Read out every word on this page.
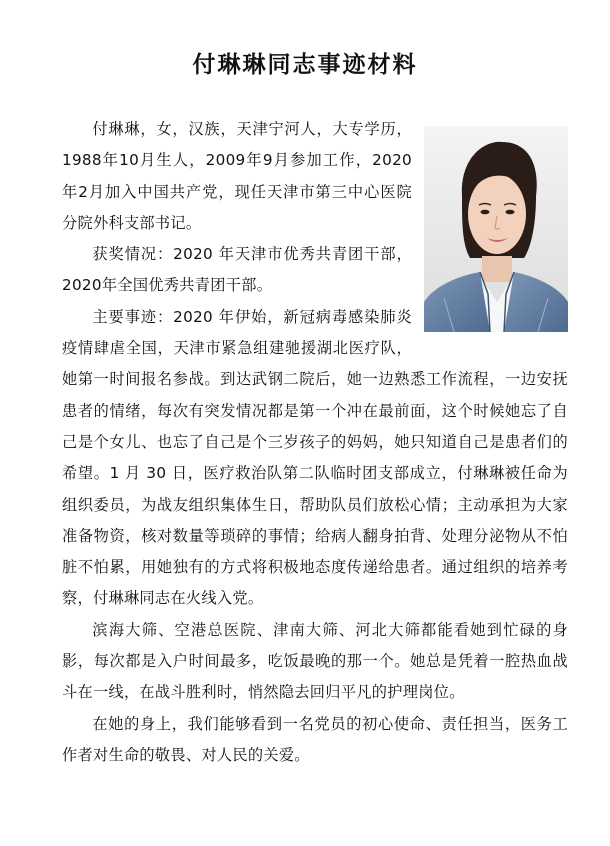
付琳琳同志事迹材料

付琳琳，女，汉族，天津宁河人，大专学历，1988年10月生人，2009年9月参加工作，2020年2月加入中国共产党，现任天津市第三中心医院分院外科支部书记。

获奖情况：2020 年天津市优秀共青团干部，2020年全国优秀共青团干部。

主要事迹：2020 年伊始，新冠病毒感染肺炎疫情肆虐全国，天津市紧急组建驰援湖北医疗队，她第一时间报名参战。到达武钢二院后，她一边熟悉工作流程，一边安抚患者的情绪，每次有突发情况都是第一个冲在最前面，这个时候她忘了自己是个女儿、也忘了自己是个三岁孩子的妈妈，她只知道自己是患者们的希望。1 月 30 日，医疗救治队第二队临时团支部成立，付琳琳被任命为组织委员，为战友组织集体生日，帮助队员们放松心情；主动承担为大家准备物资，核对数量等琐碎的事情；给病人翻身拍背、处理分泌物从不怕脏不怕累，用她独有的方式将积极地态度传递给患者。通过组织的培养考察，付琳琳同志在火线入党。

滨海大筛、空港总医院、津南大筛、河北大筛都能看她到忙碌的身影，每次都是入户时间最多，吃饭最晚的那一个。她总是凭着一腔热血战斗在一线，在战斗胜利时，悄然隐去回归平凡的护理岗位。

在她的身上，我们能够看到一名党员的初心使命、责任担当，医务工作者对生命的敬畏、对人民的关爱。
